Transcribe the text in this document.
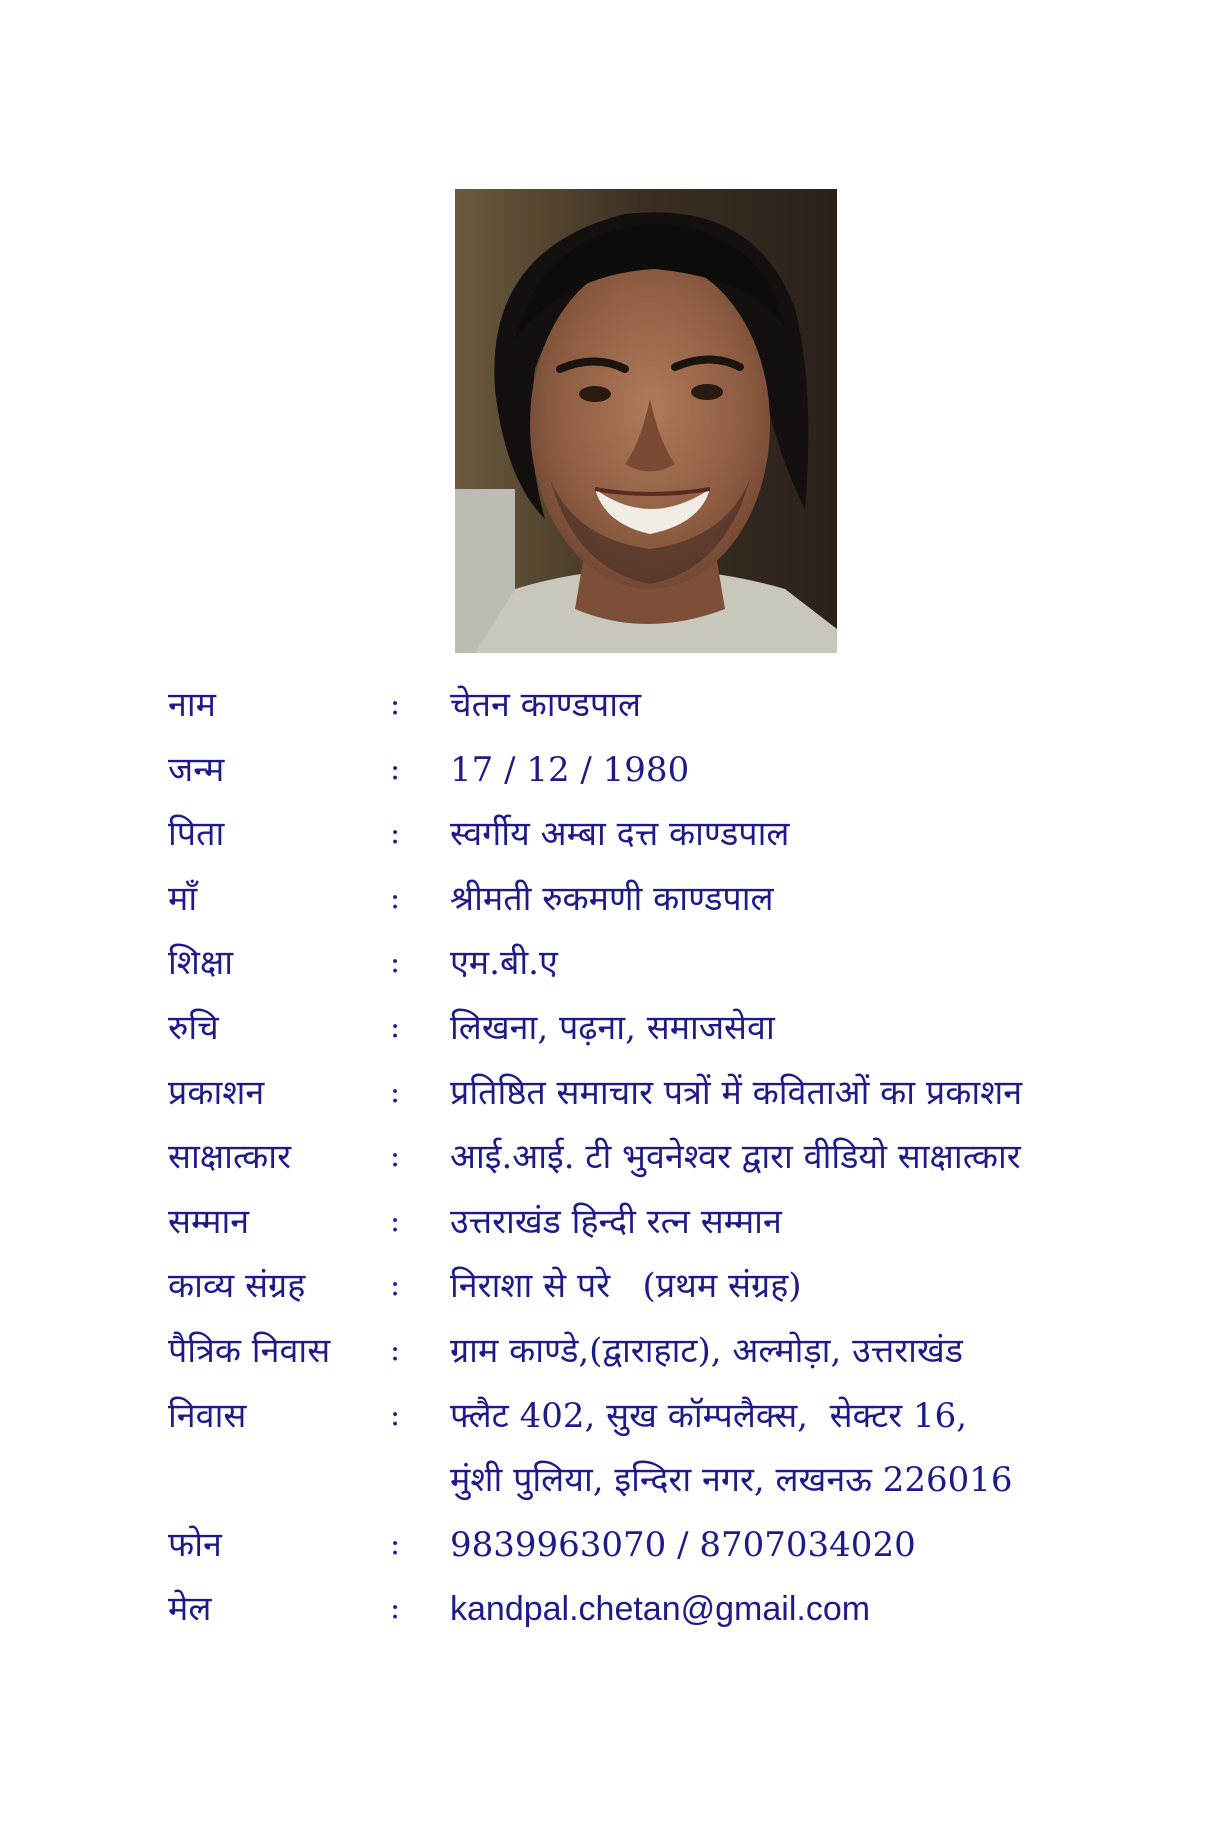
नाम	: चेतन काण्डपाल
जन्म	: 17 / 12 / 1980
पिता	: स्वर्गीय अम्बा दत्त काण्डपाल
माँ	: श्रीमती रुकमणी काण्डपाल
शिक्षा	: एम.बी.ए
रुचि	: लिखना, पढ़ना, समाजसेवा
प्रकाशन	: प्रतिष्ठित समाचार पत्रों में कविताओं का प्रकाशन
साक्षात्कार	: आई.आई. टी भुवनेश्वर द्वारा वीडियो साक्षात्कार
सम्मान	: उत्तराखंड हिन्दी रत्न सम्मान
काव्य संग्रह	: निराशा से परे   (प्रथम संग्रह)
पैत्रिक निवास : ग्राम काण्डे,(द्वाराहाट), अल्मोड़ा, उत्तराखंड
निवास	: फ्लैट 402, सुख कॉम्पलैक्स,  सेक्टर 16,
मुंशी पुलिया, इन्दिरा नगर, लखनऊ 226016
फोन	: 9839963070 / 8707034020
मेल	: kandpal.chetan@gmail.com
